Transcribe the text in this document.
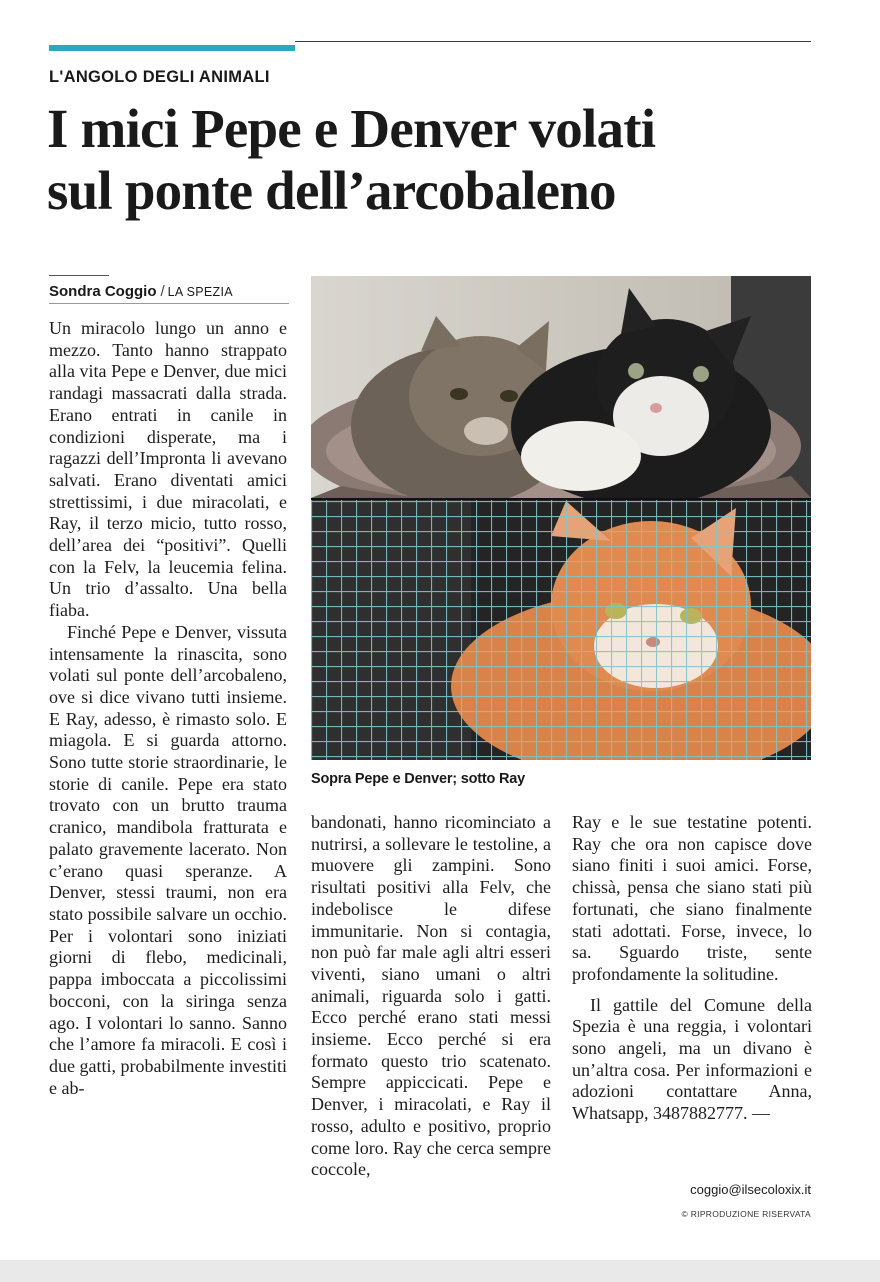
L'ANGOLO DEGLI ANIMALI
I mici Pepe e Denver volati
sul ponte dell’arcobaleno
Sondra Coggio / LA SPEZIA

Un miracolo lungo un anno e mezzo. Tanto hanno strappato alla vita Pepe e Denver, due mici randagi massacrati dalla strada. Erano entrati in canile in condizioni disperate, ma i ragazzi dell’Impronta li avevano salvati. Erano diventati amici strettissimi, i due miracolati, e Ray, il terzo micio, tutto rosso, dell’area dei “positivi”. Quelli con la Felv, la leucemia felina. Un trio d’assalto. Una bella fiaba.

Finché Pepe e Denver, vissuta intensamente la rinascita, sono volati sul ponte dell’arcobaleno, ove si dice vivano tutti insieme. E Ray, adesso, è rimasto solo. E miagola. E si guarda attorno. Sono tutte storie straordinarie, le storie di canile. Pepe era stato trovato con un brutto trauma cranico, mandibola fratturata e palato gravemente lacerato. Non c’erano quasi speranze. A Denver, stessi traumi, non era stato possibile salvare un occhio. Per i volontari sono iniziati giorni di flebo, medicinali, pappa imboccata a piccolissimi bocconi, con la siringa senza ago. I volontari lo sanno. Sanno che l’amore fa miracoli. E così i due gatti, probabilmente investiti e ab-

Sopra Pepe e Denver; sotto Ray

bandonati, hanno ricominciato a nutrirsi, a sollevare le testoline, a muovere gli zampini. Sono risultati positivi alla Felv, che indebolisce le difese immunitarie. Non si contagia, non può far male agli altri esseri viventi, siano umani o altri animali, riguarda solo i gatti. Ecco perché erano stati messi insieme. Ecco perché si era formato questo trio scatenato. Sempre appiccicati. Pepe e Denver, i miracolati, e Ray il rosso, adulto e positivo, proprio come loro. Ray che cerca sempre coccole,

Ray e le sue testatine potenti. Ray che ora non capisce dove siano finiti i suoi amici. Forse, chissà, pensa che siano stati più fortunati, che siano finalmente stati adottati. Forse, invece, lo sa. Sguardo triste, sente profondamente la solitudine.

Il gattile del Comune della Spezia è una reggia, i volontari sono angeli, ma un divano è un’altra cosa. Per informazioni e adozioni contattare Anna, Whatsapp, 3487882777. —

coggio@ilsecoloxix.it
© RIPRODUZIONE RISERVATA
